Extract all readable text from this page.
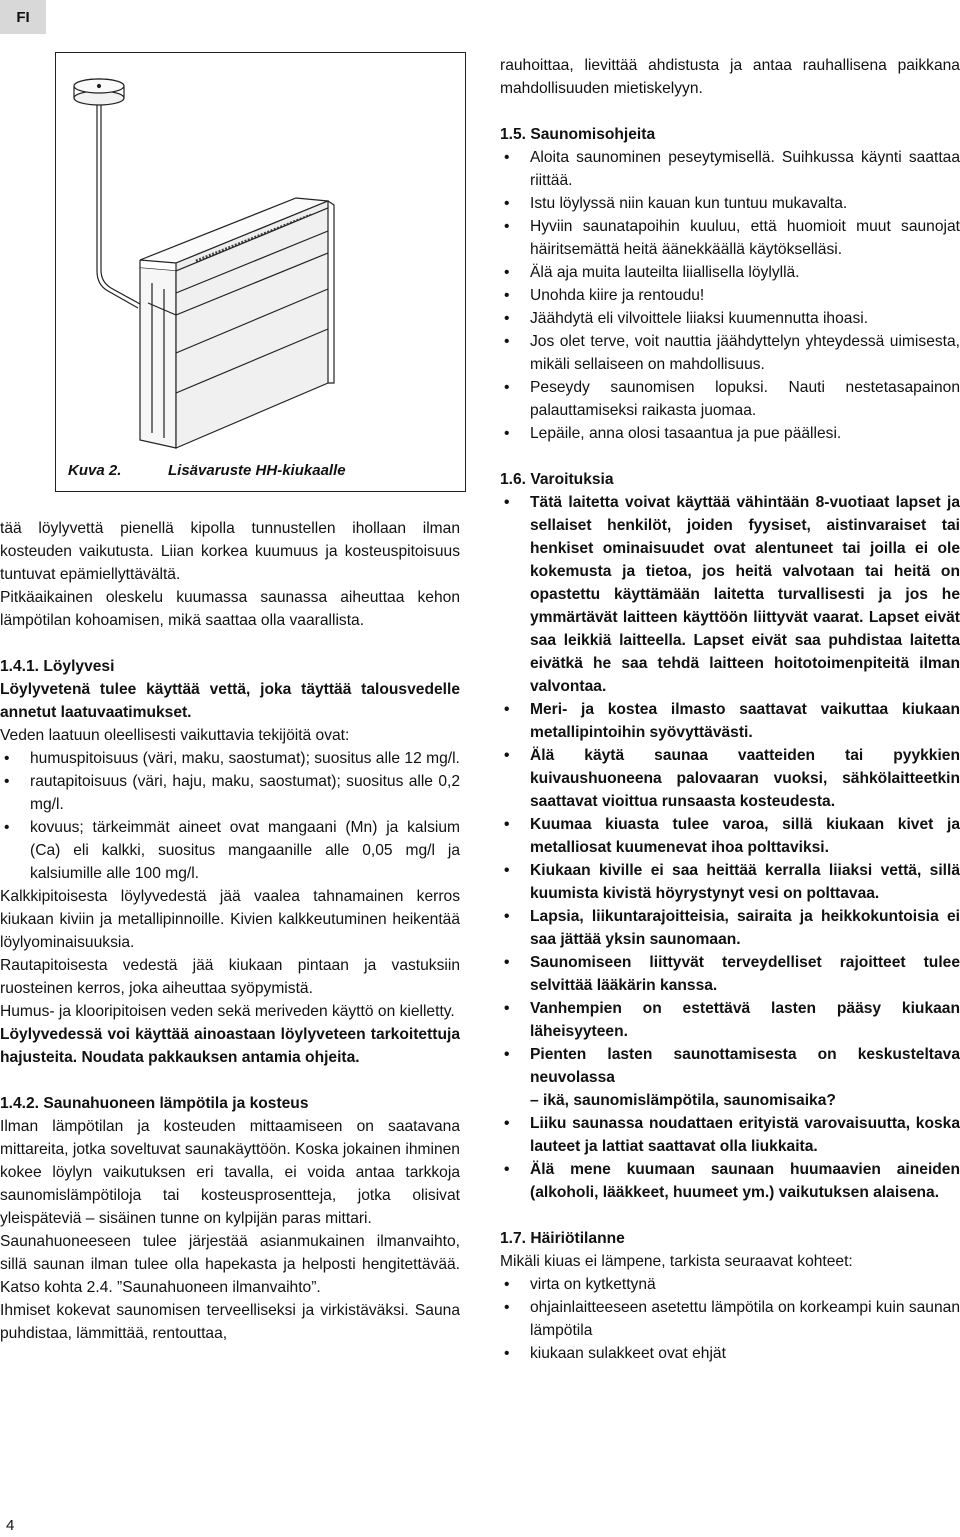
FI
Kuva 2.	Lisävaruste HH-kiukaalle

tää löylyvettä pienellä kipolla tunnustellen ihollaan ilman kosteuden vaikutusta. Liian korkea kuumuus ja kosteuspitoisuus tuntuvat epämiellyttävältä.

Pitkäaikainen oleskelu kuumassa saunassa aiheuttaa kehon lämpötilan kohoamisen, mikä saattaa olla vaarallista.

1.4.1. Löylyvesi

Löylyvetenä tulee käyttää vettä, joka täyttää talousvedelle annetut laatuvaatimukset.

Veden laatuun oleellisesti vaikuttavia tekijöitä ovat:

• humuspitoisuus (väri, maku, saostumat); suositus alle 12 mg/l.
• rautapitoisuus (väri, haju, maku, saostumat); suositus alle 0,2 mg/l.
• kovuus; tärkeimmät aineet ovat mangaani (Mn) ja kalsium (Ca) eli kalkki, suositus mangaanille alle 0,05 mg/l ja kalsiumille alle 100 mg/l.

Kalkkipitoisesta löylyvedestä jää vaalea tahnamainen kerros kiukaan kiviin ja metallipinnoille. Kivien kalkkeutuminen heikentää löylyominaisuuksia.

Rautapitoisesta vedestä jää kiukaan pintaan ja vastuksiin ruosteinen kerros, joka aiheuttaa syöpymistä.

Humus- ja klooripitoisen veden sekä meriveden käyttö on kielletty.

Löylyvedessä voi käyttää ainoastaan löylyveteen tarkoitettuja hajusteita. Noudata pakkauksen antamia ohjeita.

1.4.2. Saunahuoneen lämpötila ja kosteus

Ilman lämpötilan ja kosteuden mittaamiseen on saatavana mittareita, jotka soveltuvat saunakäyttöön. Koska jokainen ihminen kokee löylyn vaikutuksen eri tavalla, ei voida antaa tarkkoja saunomislämpötiloja tai kosteusprosentteja, jotka olisivat yleispäteviä – sisäinen tunne on kylpijän paras mittari.

Saunahuoneeseen tulee järjestää asianmukainen ilmanvaihto, sillä saunan ilman tulee olla hapekasta ja helposti hengitettävää. Katso kohta 2.4. ”Saunahuoneen ilmanvaihto”.

Ihmiset kokevat saunomisen terveelliseksi ja virkistäväksi. Sauna puhdistaa, lämmittää, rentouttaa,

rauhoittaa, lievittää ahdistusta ja antaa rauhallisena paikkana mahdollisuuden mietiskelyyn.

1.5. Saunomisohjeita

• Aloita saunominen peseytymisellä. Suihkussa käynti saattaa riittää.
• Istu löylyssä niin kauan kun tuntuu mukavalta.
• Hyviin saunatapoihin kuuluu, että huomioit muut saunojat häiritsemättä heitä äänekkäällä käytökselläsi.
• Älä aja muita lauteilta liiallisella löylyllä.
• Unohda kiire ja rentoudu!
• Jäähdytä eli vilvoittele liiaksi kuumennutta ihoasi.
• Jos olet terve, voit nauttia jäähdyttelyn yhteydessä uimisesta, mikäli sellaiseen on mahdollisuus.
• Peseydy saunomisen lopuksi. Nauti nestetasapainon palauttamiseksi raikasta juomaa.
• Lepäile, anna olosi tasaantua ja pue päällesi.

1.6. Varoituksia

• Tätä laitetta voivat käyttää vähintään 8-vuotiaat lapset ja sellaiset henkilöt, joiden fyysiset, aistinvaraiset tai henkiset ominaisuudet ovat alentuneet tai joilla ei ole kokemusta ja tietoa, jos heitä valvotaan tai heitä on opastettu käyttämään laitetta turvallisesti ja jos he ymmärtävät laitteen käyttöön liittyvät vaarat. Lapset eivät saa leikkiä laitteella. Lapset eivät saa puhdistaa laitetta eivätkä he saa tehdä laitteen hoitotoimenpiteitä ilman valvontaa.
• Meri- ja kostea ilmasto saattavat vaikuttaa kiukaan metallipintoihin syövyttävästi.
• Älä käytä saunaa vaatteiden tai pyykkien kuivaushuoneena palovaaran vuoksi, sähkölaitteetkin saattavat vioittua runsaasta kosteudesta.
• Kuumaa kiuasta tulee varoa, sillä kiukaan kivet ja metalliosat kuumenevat ihoa polttaviksi.
• Kiukaan kiville ei saa heittää kerralla liiaksi vettä, sillä kuumista kivistä höyrystynyt vesi on polttavaa.
• Lapsia, liikuntarajoitteisia, sairaita ja heikkokuntoisia ei saa jättää yksin saunomaan.
• Saunomiseen liittyvät terveydelliset rajoitteet tulee selvittää lääkärin kanssa.
• Vanhempien on estettävä lasten pääsy kiukaan läheisyyteen.
• Pienten lasten saunottamisesta on keskusteltava neuvolassa

– ikä, saunomislämpötila, saunomisaika?

• Liiku saunassa noudattaen erityistä varovaisuutta, koska lauteet ja lattiat saattavat olla liukkaita.
• Älä mene kuumaan saunaan huumaavien aineiden (alkoholi, lääkkeet, huumeet ym.) vaikutuksen alaisena.

1.7. Häiriötilanne

Mikäli kiuas ei lämpene, tarkista seuraavat kohteet:

• virta on kytkettynä
• ohjainlaitteeseen asetettu lämpötila on korkeampi kuin saunan lämpötila
• kiukaan sulakkeet ovat ehjät
4
